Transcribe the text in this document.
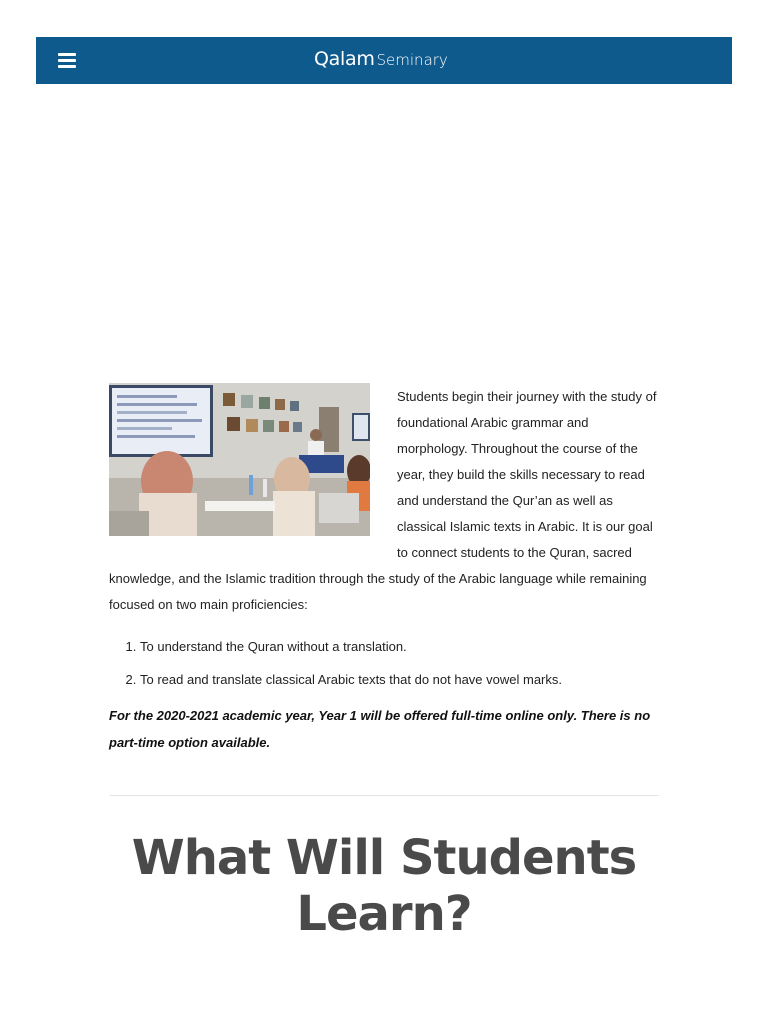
Qalam Seminary

Students begin their journey with the study of foundational Arabic grammar and morphology. Throughout the course of the year, they build the skills necessary to read and understand the Qur’an as well as classical Islamic texts in Arabic. It is our goal to connect students to the Quran, sacred knowledge, and the Islamic tradition through the study of the Arabic language while remaining focused on two main proficiencies:

1. To understand the Quran without a translation.
2. To read and translate classical Arabic texts that do not have vowel marks.

For the 2020-2021 academic year, Year 1 will be offered full-time online only. There is no part-time option available.

What Will Students Learn?
